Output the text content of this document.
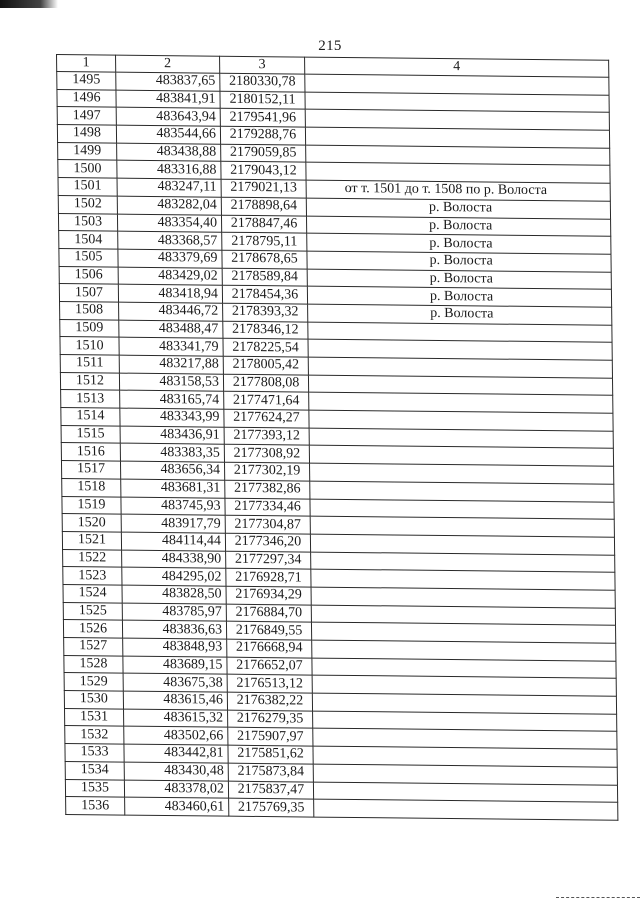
215
1	2	3	4
1495	483837,65	2180330,78	
1496	483841,91	2180152,11	
1497	483643,94	2179541,96	
1498	483544,66	2179288,76	
1499	483438,88	2179059,85	
1500	483316,88	2179043,12	
1501	483247,11	2179021,13	от т. 1501 до т. 1508 по р. Волоста
1502	483282,04	2178898,64	р. Волоста
1503	483354,40	2178847,46	р. Волоста
1504	483368,57	2178795,11	р. Волоста
1505	483379,69	2178678,65	р. Волоста
1506	483429,02	2178589,84	р. Волоста
1507	483418,94	2178454,36	р. Волоста
1508	483446,72	2178393,32	р. Волоста
1509	483488,47	2178346,12	
1510	483341,79	2178225,54	
1511	483217,88	2178005,42	
1512	483158,53	2177808,08	
1513	483165,74	2177471,64	
1514	483343,99	2177624,27	
1515	483436,91	2177393,12	
1516	483383,35	2177308,92	
1517	483656,34	2177302,19	
1518	483681,31	2177382,86	
1519	483745,93	2177334,46	
1520	483917,79	2177304,87	
1521	484114,44	2177346,20	
1522	484338,90	2177297,34	
1523	484295,02	2176928,71	
1524	483828,50	2176934,29	
1525	483785,97	2176884,70	
1526	483836,63	2176849,55	
1527	483848,93	2176668,94	
1528	483689,15	2176652,07	
1529	483675,38	2176513,12	
1530	483615,46	2176382,22	
1531	483615,32	2176279,35	
1532	483502,66	2175907,97	
1533	483442,81	2175851,62	
1534	483430,48	2175873,84	
1535	483378,02	2175837,47	
1536	483460,61	2175769,35	
